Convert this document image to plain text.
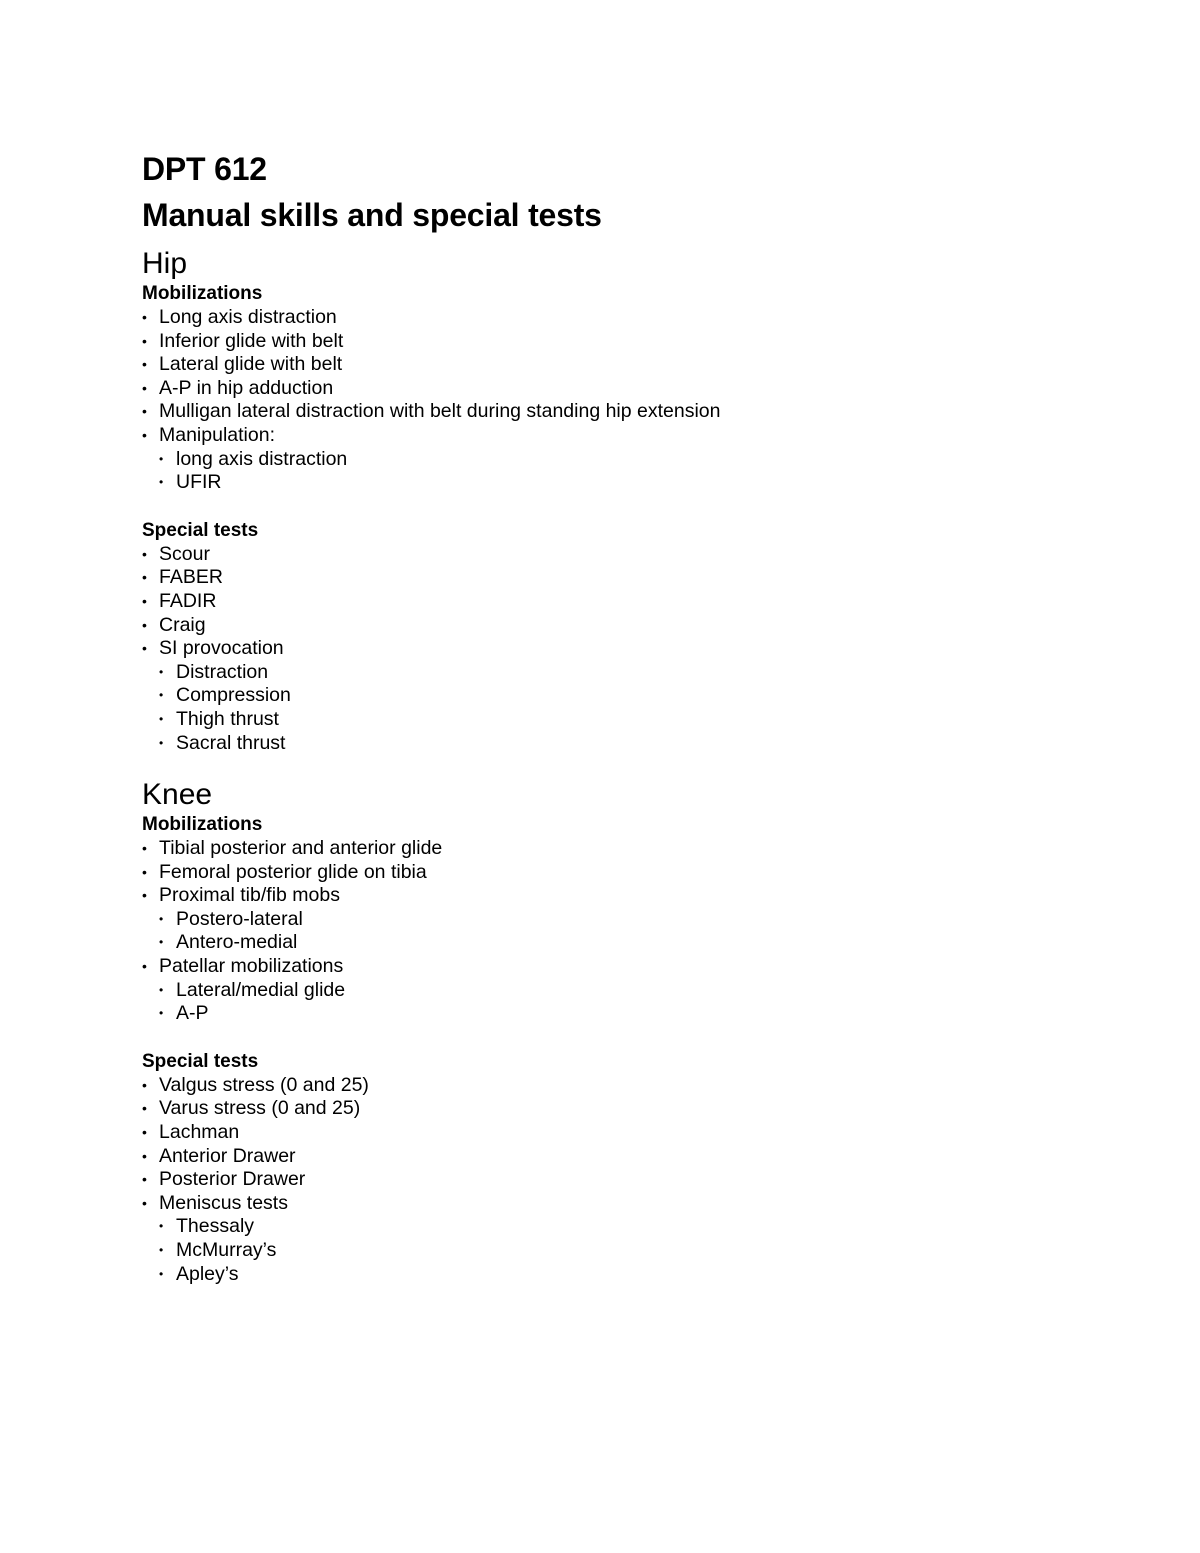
DPT 612
Manual skills and special tests
Hip
Mobilizations
• Long axis distraction
• Inferior glide with belt
• Lateral glide with belt
• A-P in hip adduction
• Mulligan lateral distraction with belt during standing hip extension
• Manipulation:
• long axis distraction
• UFIR
Special tests
• Scour
• FABER
• FADIR
• Craig
• SI provocation
• Distraction
• Compression
• Thigh thrust
• Sacral thrust
Knee
Mobilizations
• Tibial posterior and anterior glide
• Femoral posterior glide on tibia
• Proximal tib/fib mobs
• Postero-lateral
• Antero-medial
• Patellar mobilizations
• Lateral/medial glide
• A-P
Special tests
• Valgus stress (0 and 25)
• Varus stress (0 and 25)
• Lachman
• Anterior Drawer
• Posterior Drawer
• Meniscus tests
• Thessaly
• McMurray’s
• Apley’s
